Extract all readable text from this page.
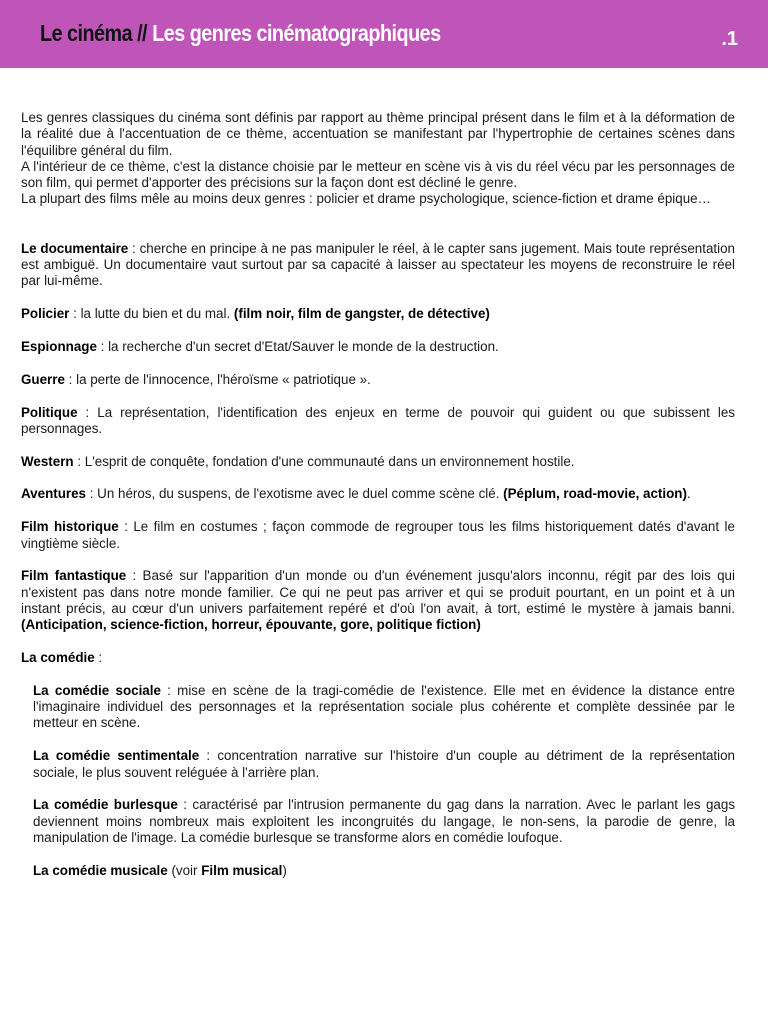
Le cinéma // Les genres cinématographiques	.1

Les genres classiques du cinéma sont définis par rapport au thème principal présent dans le film et à la déformation de la réalité due à l'accentuation de ce thème, accentuation se manifestant par l'hypertrophie de certaines scènes dans l'équilibre général du film.

A l'intérieur de ce thème, c'est la distance choisie par le metteur en scène vis à vis du réel vécu par les personnages de son film, qui permet d'apporter des précisions sur la façon dont est décliné le genre.

La plupart des films mêle au moins deux genres : policier et drame psychologique, science-fiction et drame épique…

Le documentaire : cherche en principe à ne pas manipuler le réel, à le capter sans jugement. Mais toute représentation est ambiguë. Un documentaire vaut surtout par sa capacité à laisser au spectateur les moyens de reconstruire le réel par lui-même.

Policier : la lutte du bien et du mal. (film noir, film de gangster, de détective)

Espionnage : la recherche d'un secret d'Etat/Sauver le monde de la destruction.

Guerre : la perte de l'innocence, l'héroïsme « patriotique ».

Politique : La représentation, l'identification des enjeux en terme de pouvoir qui guident ou que subissent les personnages.

Western : L'esprit de conquête, fondation d'une communauté dans un environnement hostile.

Aventures : Un héros, du suspens, de l'exotisme avec le duel comme scène clé. (Péplum, road-movie, action).

Film historique : Le film en costumes ; façon commode de regrouper tous les films historiquement datés d'avant le vingtième siècle.

Film fantastique : Basé sur l'apparition d'un monde ou d'un événement jusqu'alors inconnu, régit par des lois qui n'existent pas dans notre monde familier. Ce qui ne peut pas arriver et qui se produit pourtant, en un point et à un instant précis, au cœur d'un univers parfaitement repéré et d'où l'on avait, à tort, estimé le mystère à jamais banni. (Anticipation, science-fiction, horreur, épouvante, gore, politique fiction)

La comédie :

La comédie sociale : mise en scène de la tragi-comédie de l'existence. Elle met en évidence la distance entre l'imaginaire individuel des personnages et la représentation sociale plus cohérente et complète dessinée par le metteur en scène.

La comédie sentimentale : concentration narrative sur l'histoire d'un couple au détriment de la représentation sociale, le plus souvent reléguée à l'arrière plan.

La comédie burlesque : caractérisé par l'intrusion permanente du gag dans la narration. Avec le parlant les gags deviennent moins nombreux mais exploitent les incongruités du langage, le non-sens, la parodie de genre, la manipulation de l'image. La comédie burlesque se transforme alors en comédie loufoque.

La comédie musicale (voir Film musical)
